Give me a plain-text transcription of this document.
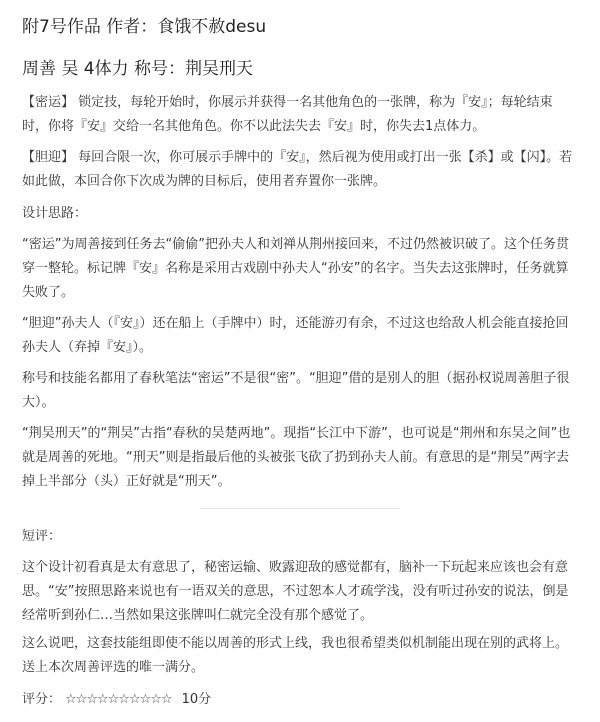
附7号作品 作者：食饿不赦desu
周善 吴 4体力 称号：荆吴刑天
【密运】 锁定技，每轮开始时，你展示并获得一名其他角色的一张牌，称为『安』；每轮结束时，你将『安』交给一名其他角色。你不以此法失去『安』时，你失去1点体力。
【胆迎】 每回合限一次，你可展示手牌中的『安』，然后视为使用或打出一张【杀】或【闪】。若如此做，本回合你下次成为牌的目标后，使用者弃置你一张牌。
设计思路：
“密运”为周善接到任务去“偷偷”把孙夫人和刘禅从荆州接回来，不过仍然被识破了。这个任务贯穿一整轮。标记牌『安』名称是采用古戏剧中孙夫人“孙安”的名字。当失去这张牌时，任务就算失败了。
“胆迎”孙夫人（『安』）还在船上（手牌中）时，还能游刃有余，不过这也给敌人机会能直接抢回孙夫人（弃掉『安』）。
称号和技能名都用了春秋笔法“密运”不是很“密”。“胆迎”借的是别人的胆（据孙权说周善胆子很大）。
“荆吴刑天”的“荆吴”古指“春秋的吴楚两地”。现指“长江中下游”，也可说是“荆州和东吴之间”也就是周善的死地。“刑天”则是指最后他的头被张飞砍了扔到孙夫人前。有意思的是“荆吴”两字去掉上半部分（头）正好就是“刑天”。
短评：
这个设计初看真是太有意思了，秘密运输、败露迎敌的感觉都有，脑补一下玩起来应该也会有意思。“安”按照思路来说也有一语双关的意思，不过恕本人才疏学浅，没有听过孙安的说法，倒是经常听到孙仁…当然如果这张牌叫仁就完全没有那个感觉了。
这么说吧，这套技能组即使不能以周善的形式上线，我也很希望类似机制能出现在别的武将上。送上本次周善评选的唯一满分。
评分： ☆☆☆☆☆☆☆☆☆☆ 10分
